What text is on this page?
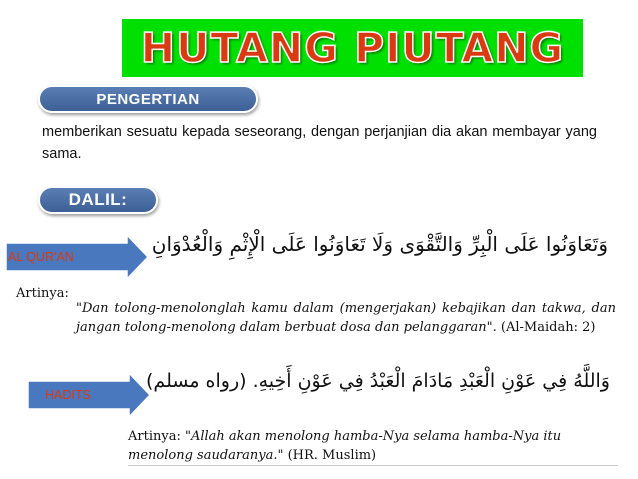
HUTANG PIUTANG
PENGERTIAN

memberikan sesuatu kepada seseorang, dengan perjanjian dia akan membayar yang sama.

DALIL:
AL QUR'AN
وَتَعَاوَنُوا عَلَى الْبِرِّ وَالتَّقْوَى وَلَا تَعَاوَنُوا عَلَى الْإِثْمِ وَالْعُدْوَانِ
Artinya:
"Dan tolong-menolonglah kamu dalam (mengerjakan) kebajikan dan takwa, dan jangan tolong-menolong dalam berbuat dosa dan pelanggaran". (Al-Maidah: 2)
HADITS
وَاللَّهُ فِي عَوْنِ الْعَبْدِ مَادَامَ الْعَبْدُ فِي عَوْنِ أَخِيهِ. (رواه مسلم)
Artinya: "Allah akan menolong hamba-Nya selama hamba-Nya itu menolong saudaranya." (HR. Muslim)
